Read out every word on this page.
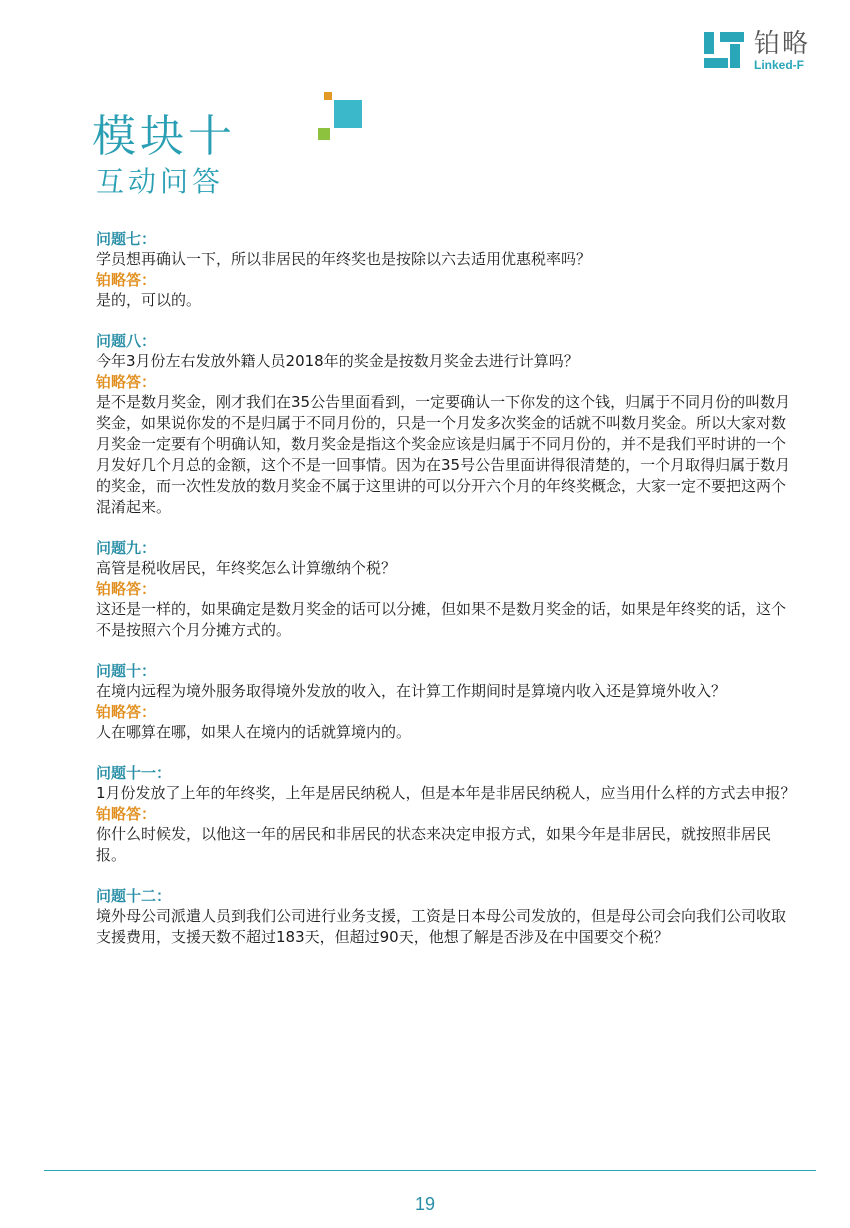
铂略
Linked-F
模块十
互动问答
问题七：
学员想再确认一下，所以非居民的年终奖也是按除以六去适用优惠税率吗？
铂略答：
是的，可以的。
问题八：
今年3月份左右发放外籍人员2018年的奖金是按数月奖金去进行计算吗？
铂略答：
是不是数月奖金，刚才我们在35公告里面看到，一定要确认一下你发的这个钱，归属于不同月份的叫数月奖金，如果说你发的不是归属于不同月份的，只是一个月发多次奖金的话就不叫数月奖金。所以大家对数月奖金一定要有个明确认知，数月奖金是指这个奖金应该是归属于不同月份的，并不是我们平时讲的一个月发好几个月总的金额，这个不是一回事情。因为在35号公告里面讲得很清楚的，一个月取得归属于数月的奖金，而一次性发放的数月奖金不属于这里讲的可以分开六个月的年终奖概念，大家一定不要把这两个混淆起来。
问题九：
高管是税收居民，年终奖怎么计算缴纳个税？
铂略答：
这还是一样的，如果确定是数月奖金的话可以分摊，但如果不是数月奖金的话，如果是年终奖的话，这个不是按照六个月分摊方式的。
问题十：
在境内远程为境外服务取得境外发放的收入，在计算工作期间时是算境内收入还是算境外收入？
铂略答：
人在哪算在哪，如果人在境内的话就算境内的。
问题十一：
1月份发放了上年的年终奖，上年是居民纳税人，但是本年是非居民纳税人，应当用什么样的方式去申报？
铂略答：
你什么时候发，以他这一年的居民和非居民的状态来决定申报方式，如果今年是非居民，就按照非居民报。
问题十二：
境外母公司派遣人员到我们公司进行业务支援，工资是日本母公司发放的，但是母公司会向我们公司收取支援费用，支援天数不超过183天，但超过90天，他想了解是否涉及在中国要交个税？
19
